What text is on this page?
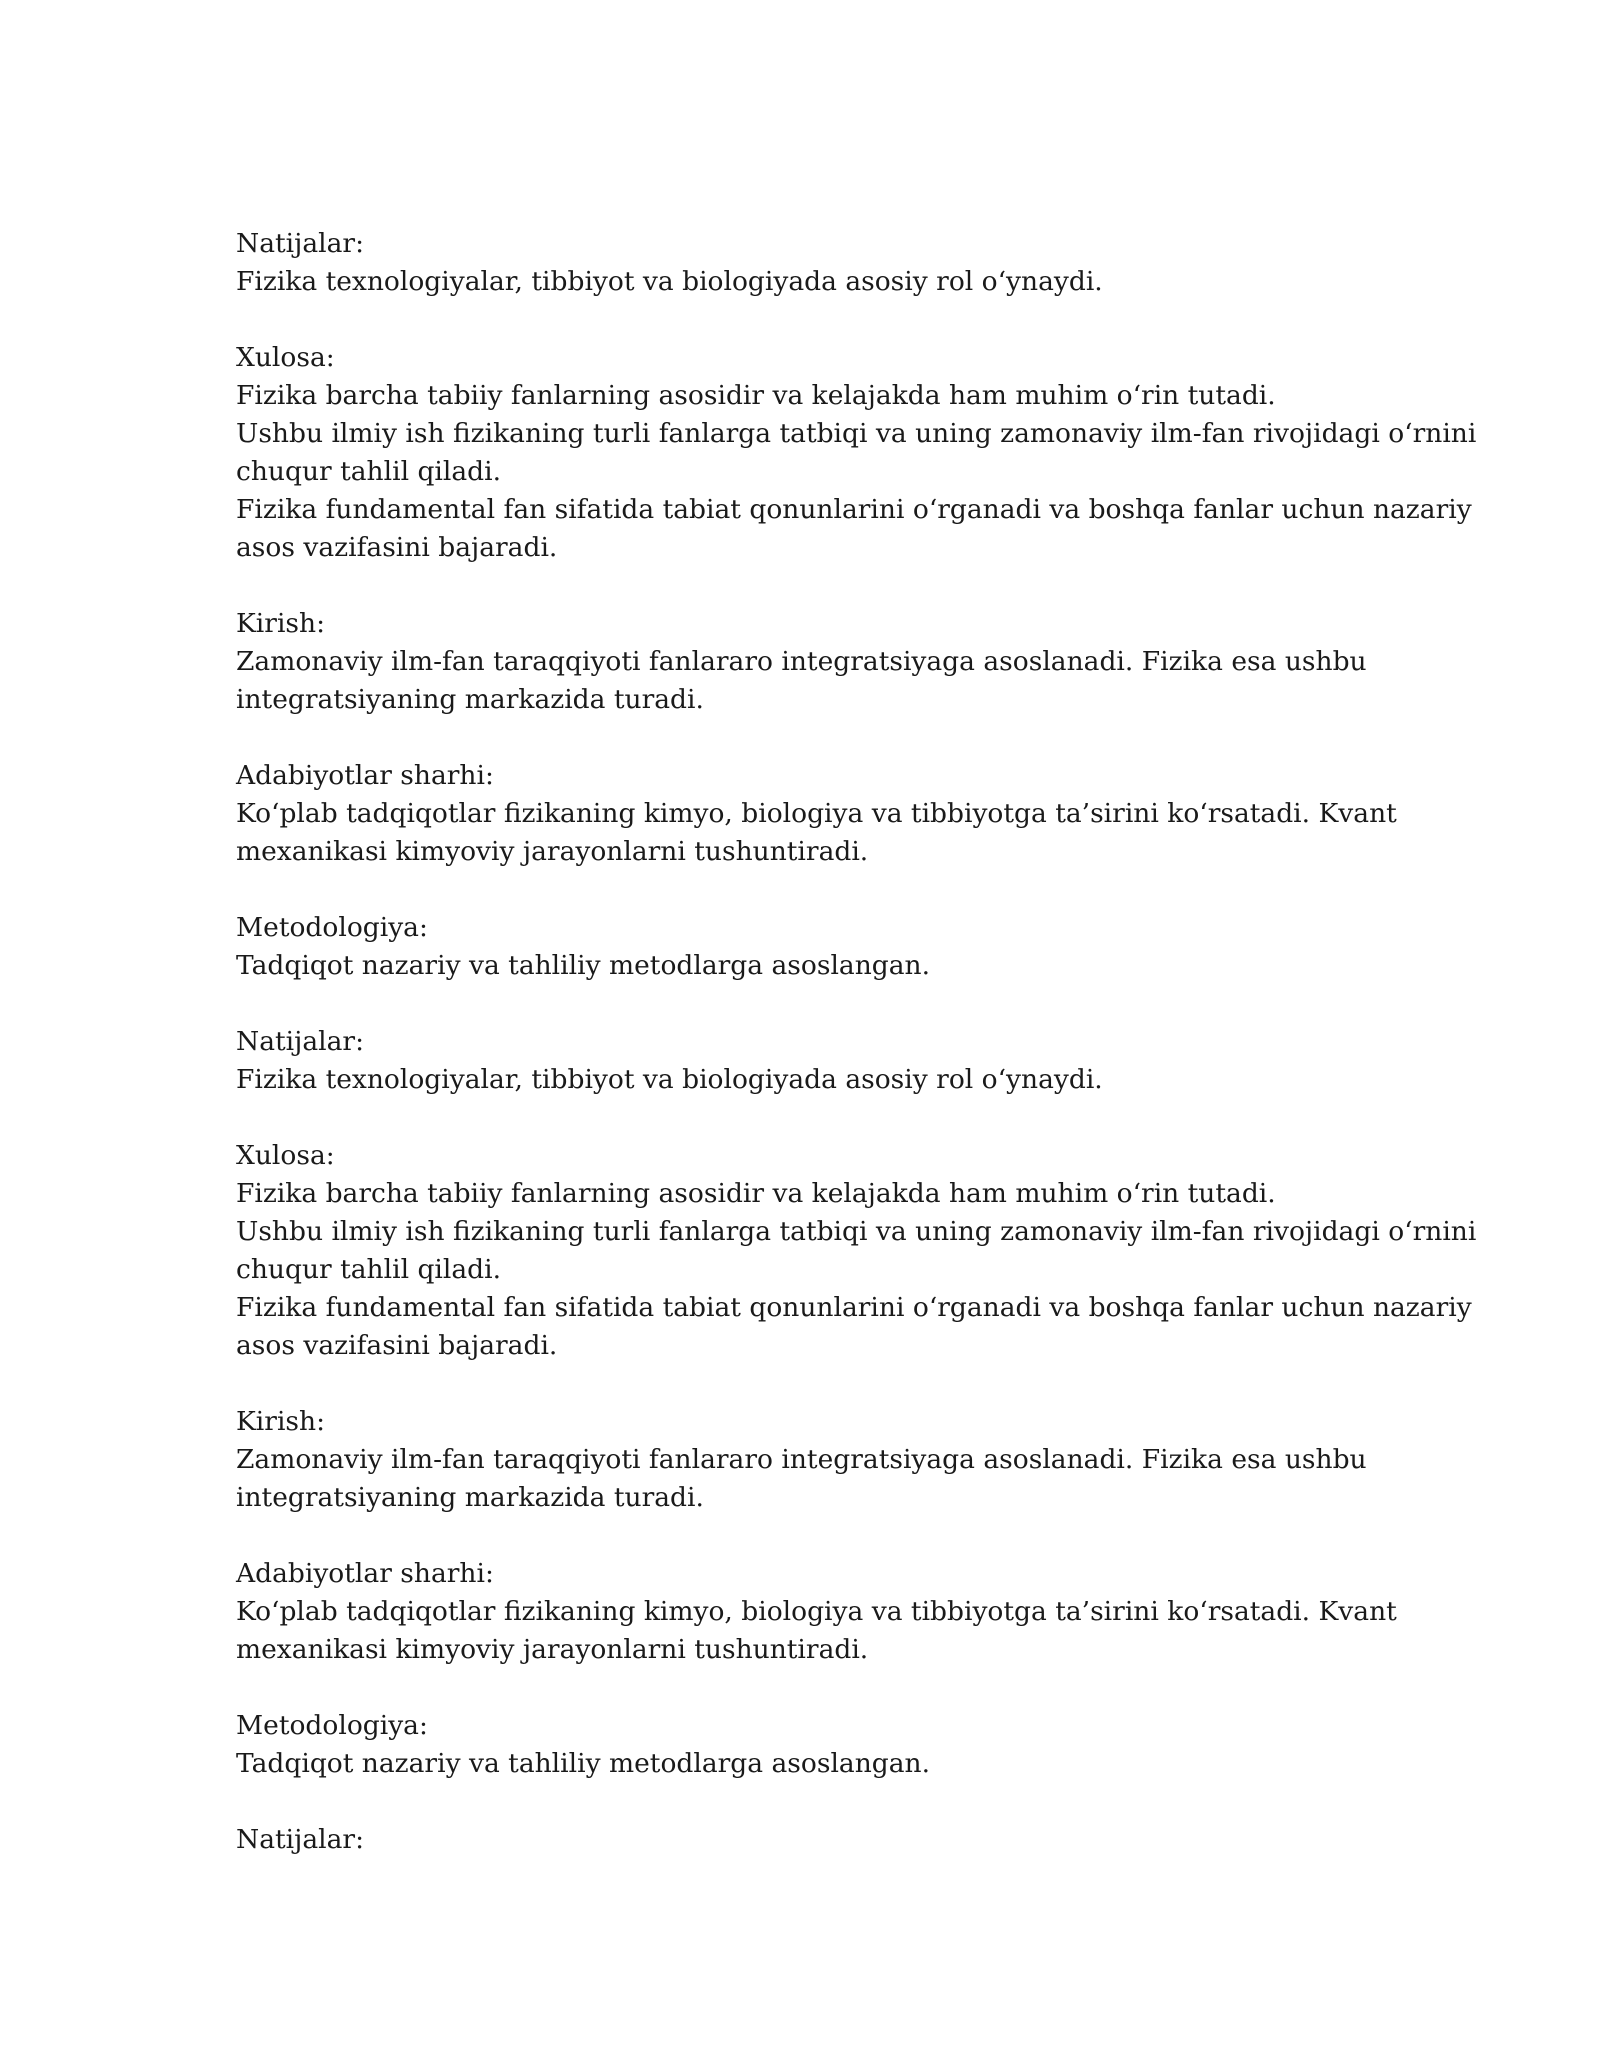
Natijalar:
Fizika texnologiyalar, tibbiyot va biologiyada asosiy rol o‘ynaydi.
Xulosa:
Fizika barcha tabiiy fanlarning asosidir va kelajakda ham muhim o‘rin tutadi.
Ushbu ilmiy ish fizikaning turli fanlarga tatbiqi va uning zamonaviy ilm-fan rivojidagi o‘rnini
chuqur tahlil qiladi.
Fizika fundamental fan sifatida tabiat qonunlarini o‘rganadi va boshqa fanlar uchun nazariy
asos vazifasini bajaradi.
Kirish:
Zamonaviy ilm-fan taraqqiyoti fanlararo integratsiyaga asoslanadi. Fizika esa ushbu
integratsiyaning markazida turadi.
Adabiyotlar sharhi:
Ko‘plab tadqiqotlar fizikaning kimyo, biologiya va tibbiyotga ta’sirini ko‘rsatadi. Kvant
mexanikasi kimyoviy jarayonlarni tushuntiradi.
Metodologiya:
Tadqiqot nazariy va tahliliy metodlarga asoslangan.
Natijalar:
Fizika texnologiyalar, tibbiyot va biologiyada asosiy rol o‘ynaydi.
Xulosa:
Fizika barcha tabiiy fanlarning asosidir va kelajakda ham muhim o‘rin tutadi.
Ushbu ilmiy ish fizikaning turli fanlarga tatbiqi va uning zamonaviy ilm-fan rivojidagi o‘rnini
chuqur tahlil qiladi.
Fizika fundamental fan sifatida tabiat qonunlarini o‘rganadi va boshqa fanlar uchun nazariy
asos vazifasini bajaradi.
Kirish:
Zamonaviy ilm-fan taraqqiyoti fanlararo integratsiyaga asoslanadi. Fizika esa ushbu
integratsiyaning markazida turadi.
Adabiyotlar sharhi:
Ko‘plab tadqiqotlar fizikaning kimyo, biologiya va tibbiyotga ta’sirini ko‘rsatadi. Kvant
mexanikasi kimyoviy jarayonlarni tushuntiradi.
Metodologiya:
Tadqiqot nazariy va tahliliy metodlarga asoslangan.
Natijalar:
